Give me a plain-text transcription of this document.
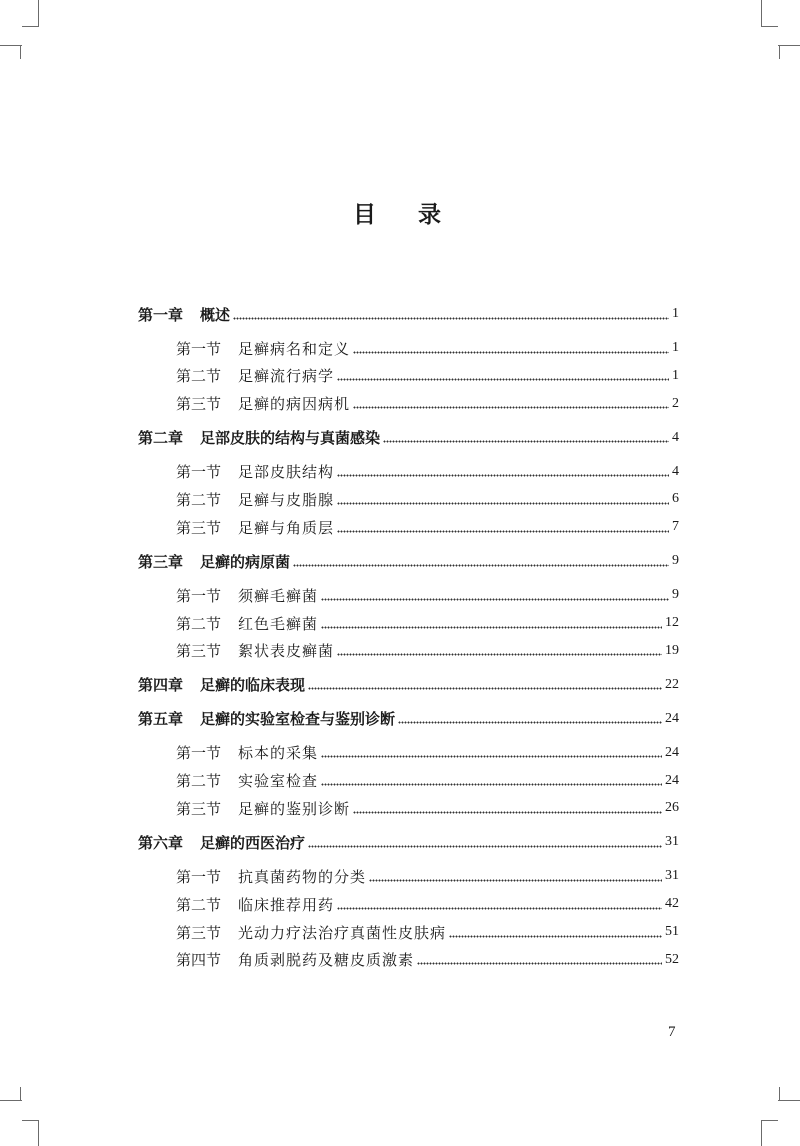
目 录
第一章 概述	1
第一节 足癣病名和定义	1
第二节 足癣流行病学	1
第三节 足癣的病因病机	2
第二章 足部皮肤的结构与真菌感染	4
第一节 足部皮肤结构	4
第二节 足癣与皮脂腺	6
第三节 足癣与角质层	7
第三章 足癣的病原菌	9
第一节 须癣毛癣菌	9
第二节 红色毛癣菌	12
第三节 絮状表皮癣菌	19
第四章 足癣的临床表现	22
第五章 足癣的实验室检查与鉴别诊断	24
第一节 标本的采集	24
第二节 实验室检查	24
第三节 足癣的鉴别诊断	26
第六章 足癣的西医治疗	31
第一节 抗真菌药物的分类	31
第二节 临床推荐用药	42
第三节 光动力疗法治疗真菌性皮肤病	51
第四节 角质剥脱药及糖皮质激素	52
7
